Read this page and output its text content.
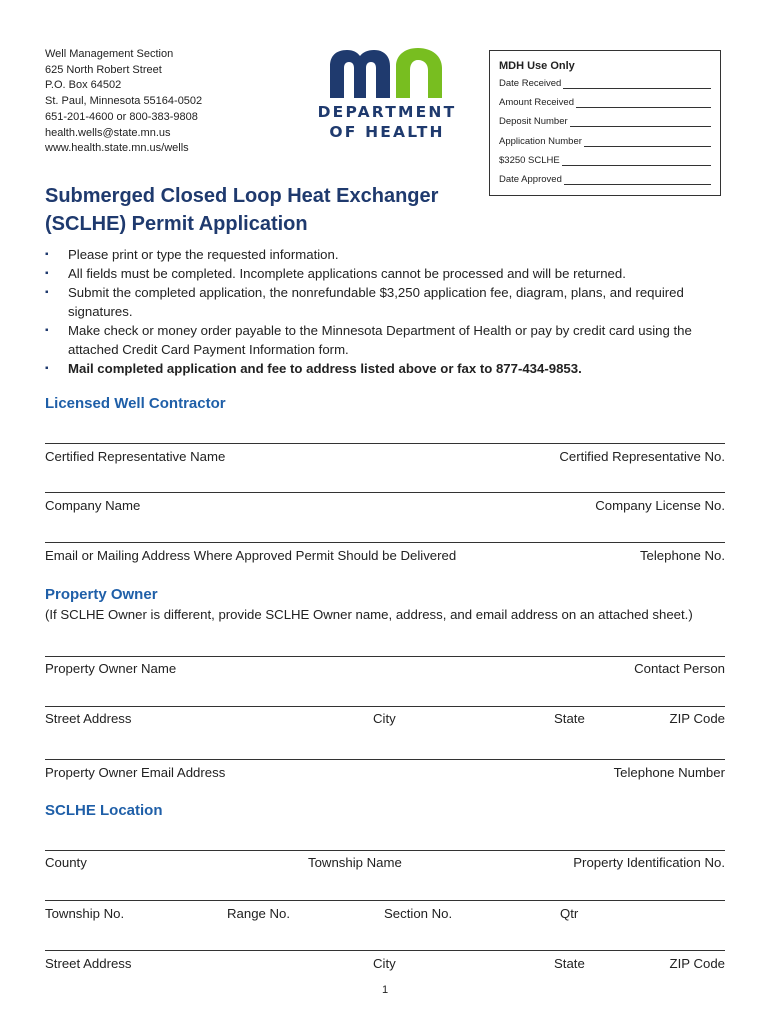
Well Management Section
625 North Robert Street
P.O. Box 64502
St. Paul, Minnesota 55164-0502
651-201-4600 or 800-383-9808
health.wells@state.mn.us
www.health.state.mn.us/wells
DEPARTMENT
OF HEALTH
MDH Use Only
Date Received
Amount Received
Deposit Number
Application Number
$3250 SCLHE
Date Approved
Submerged Closed Loop Heat Exchanger
(SCLHE) Permit Application
▪ Please print or type the requested information.
▪ All fields must be completed. Incomplete applications cannot be processed and will be returned.
▪ Submit the completed application, the nonrefundable $3,250 application fee, diagram, plans, and required signatures.
▪ Make check or money order payable to the Minnesota Department of Health or pay by credit card using the attached Credit Card Payment Information form.
▪ Mail completed application and fee to address listed above or fax to 877-434-9853.
Licensed Well Contractor
Certified Representative Name	Certified Representative No.
Company Name	Company License No.
Email or Mailing Address Where Approved Permit Should be Delivered	Telephone No.
Property Owner
(If SCLHE Owner is different, provide SCLHE Owner name, address, and email address on an attached sheet.)
Property Owner Name	Contact Person
Street Address	City	State	ZIP Code
Property Owner Email Address	Telephone Number
SCLHE Location
County	Township Name	Property Identification No.
Township No.	Range No.	Section No.	Qtr
Street Address	City	State	ZIP Code
1
